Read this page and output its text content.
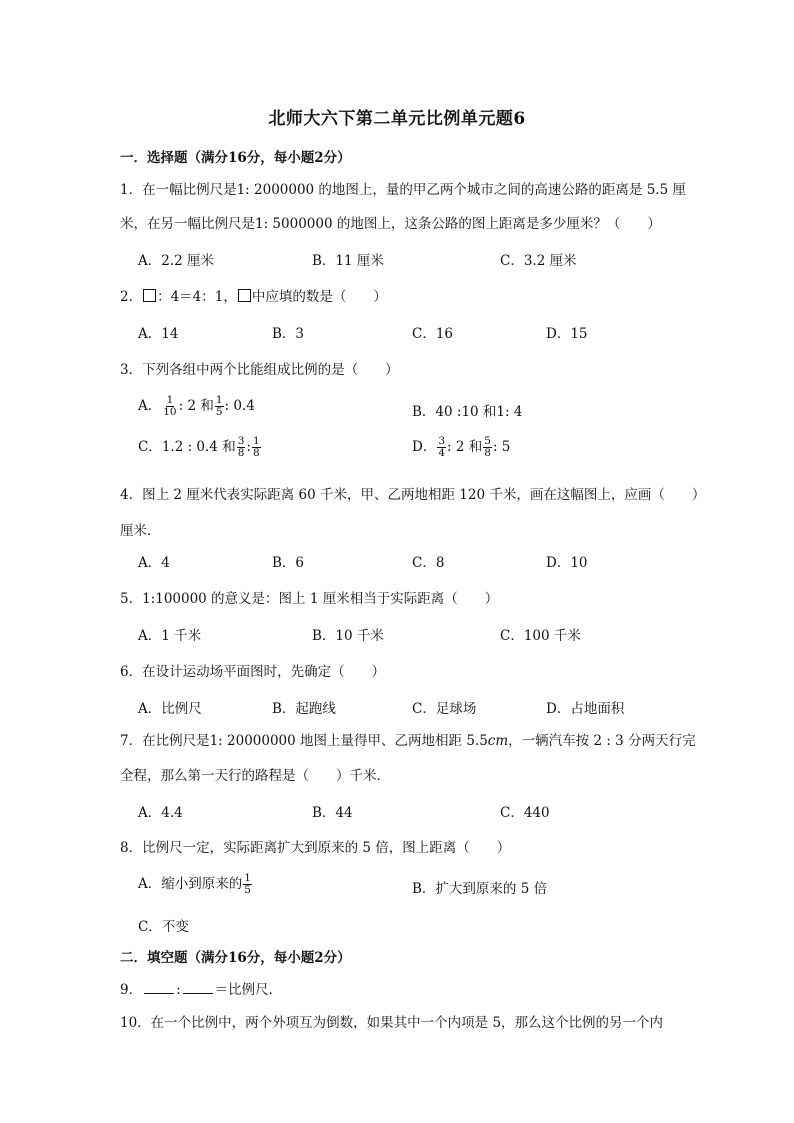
北师大六下第二单元比例单元题6
一．选择题（满分16分，每小题2分）
1．在一幅比例尺是1: 2000000 的地图上，量的甲乙两个城市之间的高速公路的距离是 5.5 厘
米，在另一幅比例尺是1: 5000000 的地图上，这条公路的图上距离是多少厘米？（　　）
A．2.2 厘米	B．11 厘米	C．3.2 厘米
2． ：4＝4：1， 中应填的数是（　　）
A．14	B．3	C．16	D．15
3．下列各组中两个比能组成比例的是（　　）
A． $\frac{1}{10}$ : 2 和 $\frac{1}{5}$ : 0.4	B．40 :10 和1: 4
C．1.2 : 0.4 和 $\frac{3}{8}$ : $\frac{1}{8}$	D． $\frac{3}{4}$ : 2 和 $\frac{5}{8}$ : 5
4．图上 2 厘米代表实际距离 60 千米，甲、乙两地相距 120 千米，画在这幅图上，应画（　　）
厘米．
A．4	B．6	C．8	D．10
5．1:100000 的意义是：图上 1 厘米相当于实际距离（　　）
A．1 千米	B．10 千米	C．100 千米
6．在设计运动场平面图时，先确定（　　）
A．比例尺	B．起跑线	C．足球场	D．占地面积
7．在比例尺是1: 20000000 地图上量得甲、乙两地相距 5.5cm，一辆汽车按 2 : 3 分两天行完
全程，那么第一天行的路程是（　　）千米．
A．4.4	B．44	C．440
8．比例尺一定，实际距离扩大到原来的 5 倍，图上距离（　　）
A．缩小到原来的 $\frac{1}{5}$	B．扩大到原来的 5 倍
C．不变
二．填空题（满分16分，每小题2分）
9．	:	＝比例尺．
10．在一个比例中，两个外项互为倒数，如果其中一个内项是 5，那么这个比例的另一个内
